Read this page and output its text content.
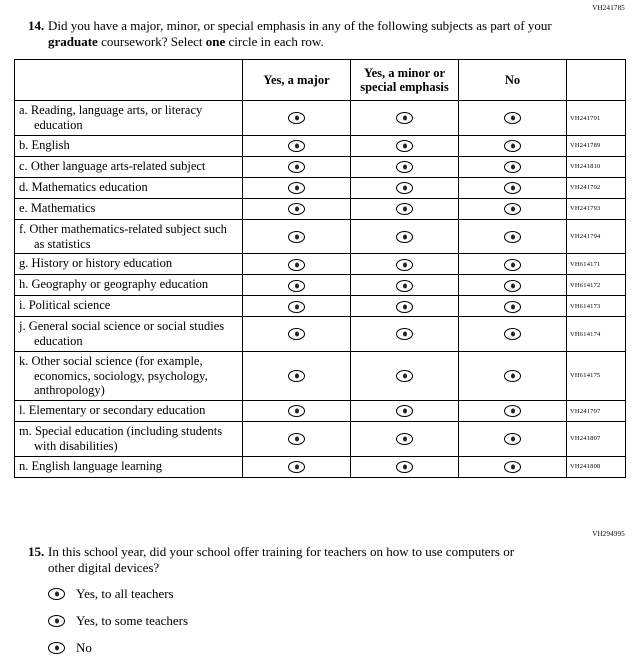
VH241785
14. Did you have a major, minor, or special emphasis in any of the following subjects as part of your graduate coursework? Select one circle in each row.
	Yes, a major	Yes, a minor or special emphasis	No	

a. Reading, language arts, or literacy education				VH241791

b. English				VH241789

c. Other language arts-related subject				VH241810

d. Mathematics education				VH241792

e. Mathematics				VH241793

f. Other mathematics-related subject such as statistics				VH241794

g. History or history education				VH614171

h. Geography or geography education				VH614172

i. Political science				VH614173

j. General social science or social studies education				VH614174

k. Other social science (for example, economics, sociology, psychology, anthropology)				VH614175

l. Elementary or secondary education				VH241797

m. Special education (including students with disabilities)				VH241807

n. English language learning				VH241808
VH294995
15. In this school year, did your school offer training for teachers on how to use computers or other digital devices?
Yes, to all teachers
Yes, to some teachers
No
